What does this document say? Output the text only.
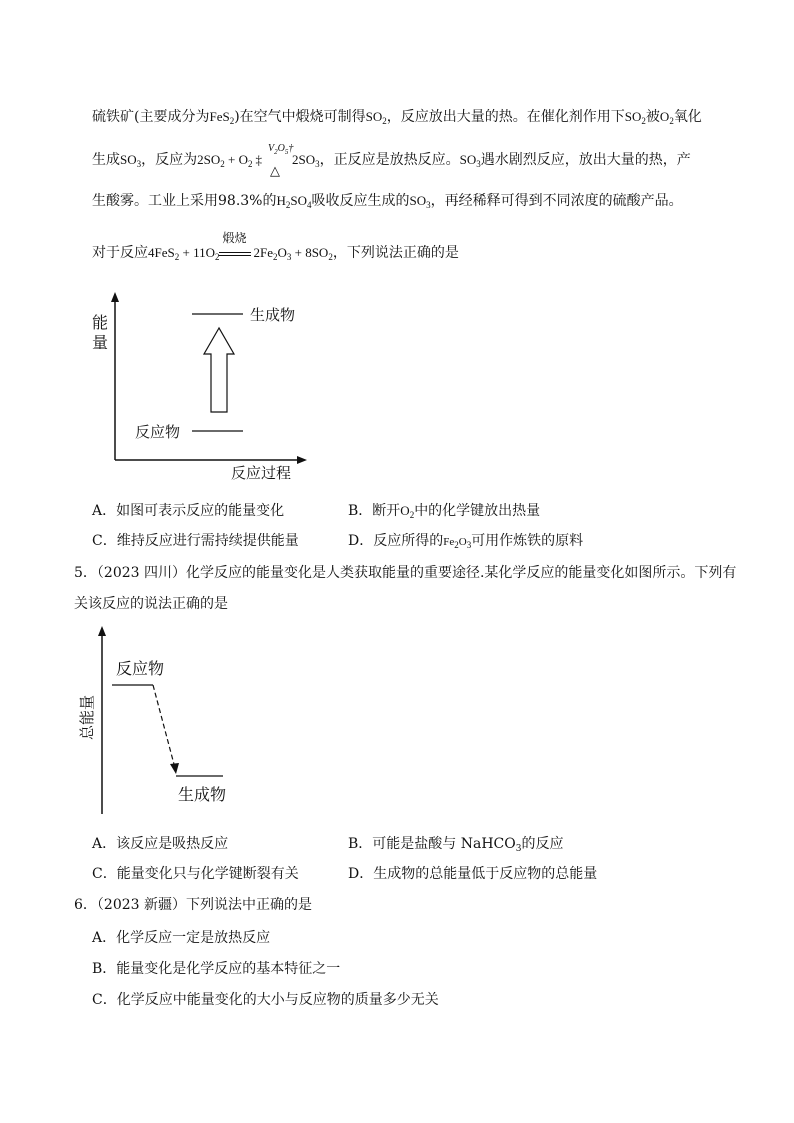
硫铁矿(主要成分为FeS$_2$)在空气中煅烧可制得$SO_2$，反应放出大量的热。在催化剂作用下$SO_2$被$O_2$氧化
生成$SO_3$，反应为$2SO_2 + O_2$ ‡
$V_2O_5\dagger$
△
$2SO_3$，正反应是放热反应。$SO_3$遇水剧烈反应，放出大量的热，产
生酸雾。工业上采用98.3%的$H_2SO_4$吸收反应生成的$SO_3$，再经稀释可得到不同浓度的硫酸产品。
对于反应$4FeS_2 + 11O_2$
煅烧
$2Fe_2O_3 + 8SO_2$，下列说法正确的是
能
量
生成物
反应物
反应过程
A．如图可表示反应的能量变化	B．断开$O_2$中的化学键放出热量
C．维持反应进行需持续提供能量	D．反应所得的$Fe_2O_3$可用作炼铁的原料
5．（2023 四川）化学反应的能量变化是人类获取能量的重要途径.某化学反应的能量变化如图所示。下列有
关该反应的说法正确的是
总能量
反应物
生成物
A．该反应是吸热反应	B．可能是盐酸与 NaHCO$_3$的反应
C．能量变化只与化学键断裂有关	D．生成物的总能量低于反应物的总能量
6．（2023 新疆）下列说法中正确的是
A．化学反应一定是放热反应
B．能量变化是化学反应的基本特征之一
C．化学反应中能量变化的大小与反应物的质量多少无关
